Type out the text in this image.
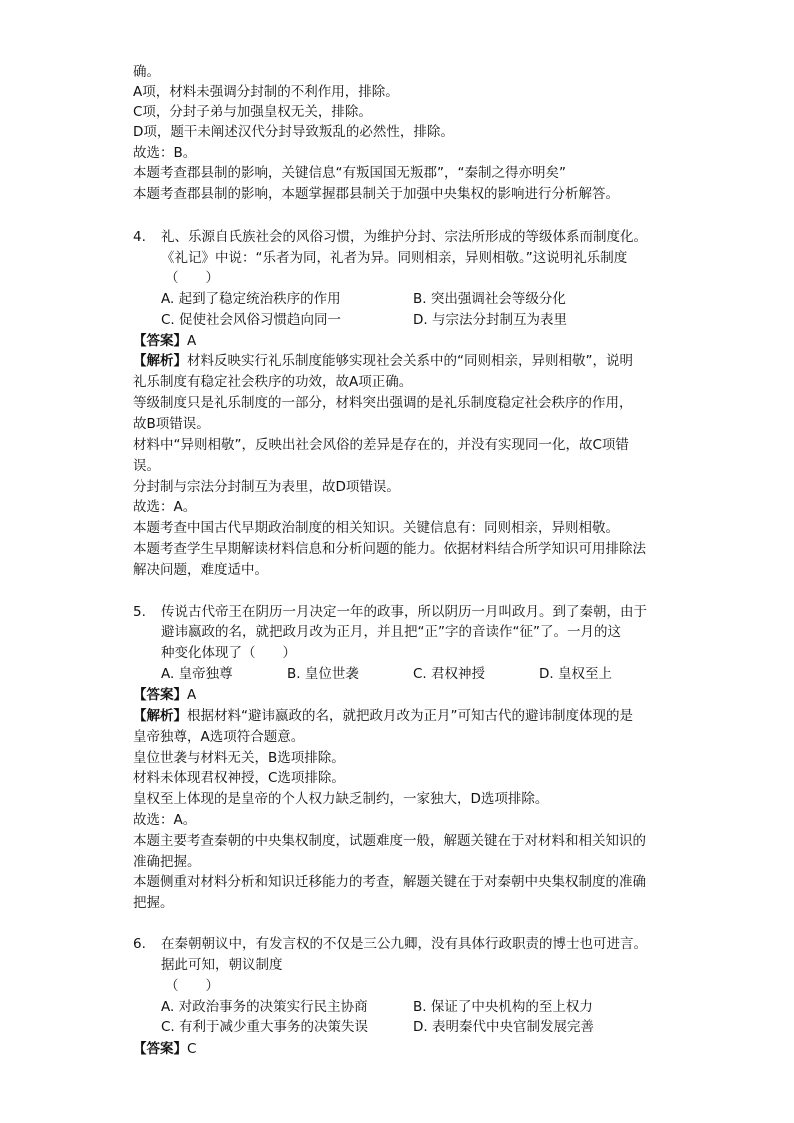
确。
A项，材料未强调分封制的不利作用，排除。
C项，分封子弟与加强皇权无关，排除。
D项，题干未阐述汉代分封导致叛乱的必然性，排除。
故选：B。
本题考查郡县制的影响，关键信息“有叛国国无叛郡”，“秦制之得亦明矣”
本题考查郡县制的影响，本题掌握郡县制关于加强中央集权的影响进行分析解答。
4. 礼、乐源自氏族社会的风俗习惯，为维护分封、宗法所形成的等级体系而制度化。
《礼记》中说：“乐者为同，礼者为异。同则相亲，异则相敬。”这说明礼乐制度
（　　）
A. 起到了稳定统治秩序的作用	B. 突出强调社会等级分化
C. 促使社会风俗习惯趋向同一	D. 与宗法分封制互为表里
【答案】A
【解析】材料反映实行礼乐制度能够实现社会关系中的“同则相亲，异则相敬”，说明
礼乐制度有稳定社会秩序的功效，故A项正确。
等级制度只是礼乐制度的一部分，材料突出强调的是礼乐制度稳定社会秩序的作用，
故B项错误。
材料中“异则相敬”，反映出社会风俗的差异是存在的，并没有实现同一化，故C项错
误。
分封制与宗法分封制互为表里，故D项错误。
故选：A。
本题考查中国古代早期政治制度的相关知识。关键信息有：同则相亲，异则相敬。
本题考查学生早期解读材料信息和分析问题的能力。依据材料结合所学知识可用排除法
解决问题，难度适中。
5. 传说古代帝王在阴历一月决定一年的政事，所以阴历一月叫政月。到了秦朝，由于
避讳嬴政的名，就把政月改为正月，并且把“正”字的音读作“征”了。一月的这
种变化体现了（　　）
A. 皇帝独尊	B. 皇位世袭	C. 君权神授	D. 皇权至上
【答案】A
【解析】根据材料“避讳嬴政的名，就把政月改为正月”可知古代的避讳制度体现的是
皇帝独尊，A选项符合题意。
皇位世袭与材料无关，B选项排除。
材料未体现君权神授，C选项排除。
皇权至上体现的是皇帝的个人权力缺乏制约，一家独大，D选项排除。
故选：A。
本题主要考查秦朝的中央集权制度，试题难度一般，解题关键在于对材料和相关知识的
准确把握。
本题侧重对材料分析和知识迁移能力的考查，解题关键在于对秦朝中央集权制度的准确
把握。
6. 在秦朝朝议中，有发言权的不仅是三公九卿，没有具体行政职责的博士也可进言。
据此可知，朝议制度
（　　）
A. 对政治事务的决策实行民主协商	B. 保证了中央机构的至上权力
C. 有利于减少重大事务的决策失误	D. 表明秦代中央官制发展完善
【答案】C
